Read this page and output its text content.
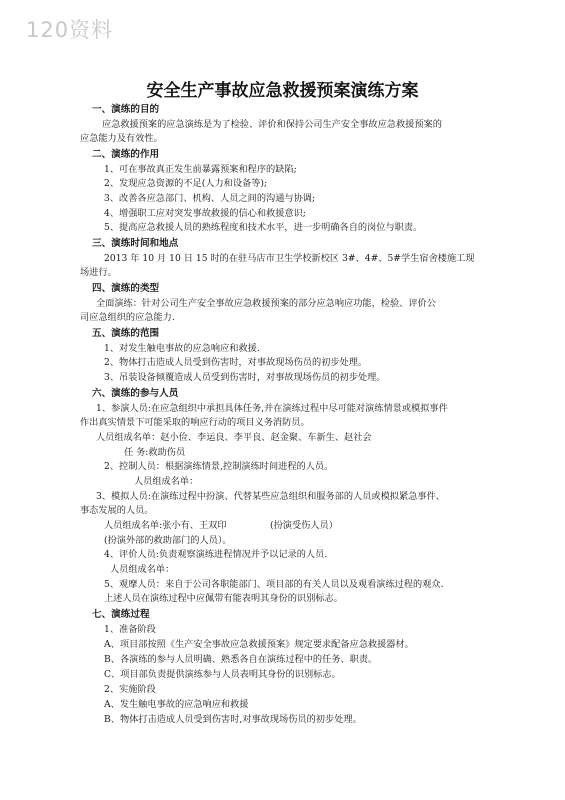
120资料
安全生产事故应急救援预案演练方案
一、演练的目的
应急救援预案的应急演练是为了检验、评价和保持公司生产安全事故应急救援预案的
应急能力及有效性。
二、演练的作用
1、可在事故真正发生前暴露预案和程序的缺陷;
2、发现应急资源的不足(人力和设备等);
3、改善各应急部门、机构、人员之间的沟通与协调;
4、增强职工应对突发事故救援的信心和救援意识;
5、提高应急救援人员的熟练程度和技术水平，进一步明确各自的岗位与职责。
三、演练时间和地点
2013 年 10 月 10 日 15 时的在驻马店市卫生学校新校区 3#、4#、5#学生宿舍楼施工现
场进行。
四、演练的类型
全面演练：针对公司生产安全事故应急救援预案的部分应急响应功能，检验、评价公
司应急组织的应急能力.
五、演练的范围
1、对发生触电事故的应急响应和救援.
2、物体打击造成人员受到伤害时，对事故现场伤员的初步处理。
3、吊装设备倾覆造成人员受到伤害时，对事故现场伤员的初步处理。
六、演练的参与人员
1、参演人员:在应急组织中承担具体任务,并在演练过程中尽可能对演练情景或模拟事件
作出真实情景下可能采取的响应行动的项目义务消防员。
人员组成名单：赵小俭、李运良、李平良、赵金聚、车新生、赵社会
任 务:救助伤员
2、控制人员：根据演练情景,控制演练时间进程的人员。
人员组成名单：
3、模拟人员:在演练过程中扮演、代替某些应急组织和服务部的人员或模拟紧急事件、
事态发展的人员。
人员组成名单:张小有、王双印	(扮演受伤人员）
(扮演外部的救助部门的人员）。
4、评价人员:负责观察演练进程情况并予以记录的人员.
人员组成名单：
5、观摩人员：来自于公司各职能部门、项目部的有关人员以及观看演练过程的观众.
上述人员在演练过程中应佩带有能表明其身份的识别标志。
七、演练过程
1、准备阶段
A、项目部按照《生产安全事故应急救援预案》规定要求配备应急救援器材。
B、各演练的参与人员明确、熟悉各自在演练过程中的任务、职责。
C、项目部负责提供演练参与人员表明其身份的识别标志。
2、实施阶段
A、发生触电事故的应急响应和救援
B、物体打击造成人员受到伤害时,对事故现场伤员的初步处理。
